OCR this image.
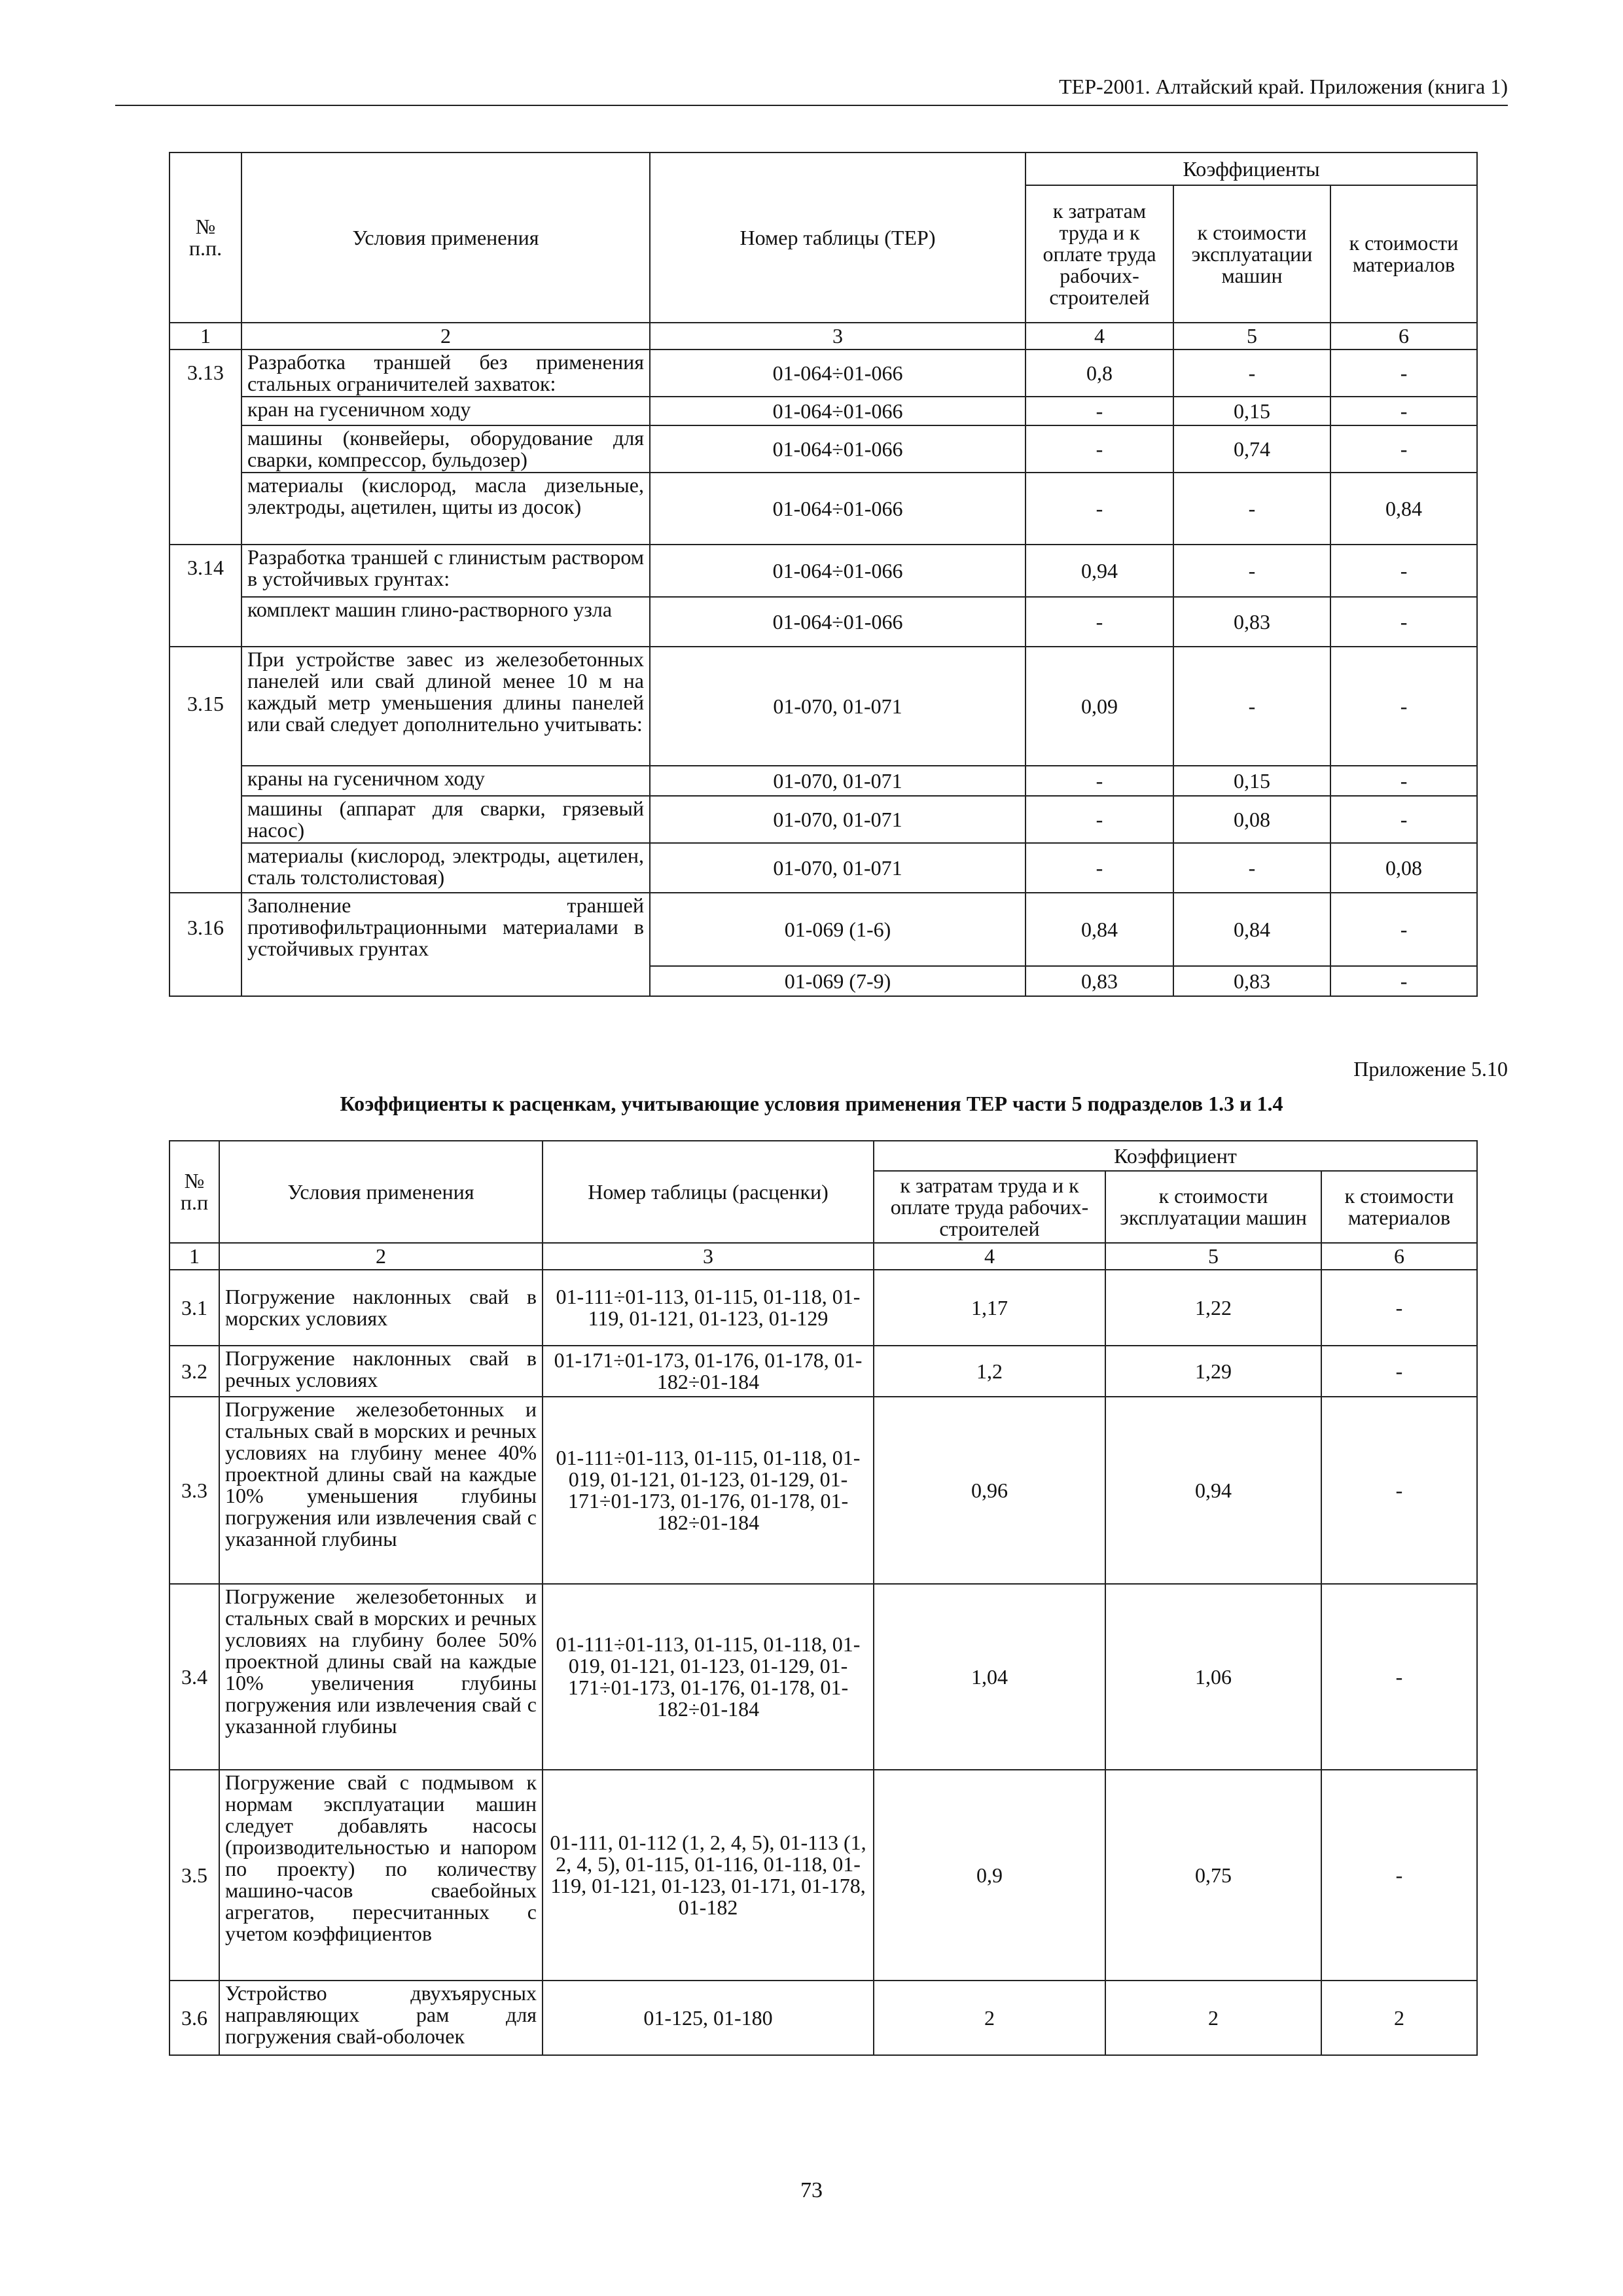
ТЕР-2001. Алтайский край. Приложения (книга 1)
№
п.п.	Условия применения	Номер таблицы (ТЕР)	Коэффициенты		
			к затратам труда и к оплате труда рабочих-строителей	к стоимости эксплуатации машин	к стоимости материалов
1	2	3	4	5	6
3.13	Разработка траншей без применения стальных ограничителей захваток:	01-064÷01-066	0,8	-	-
	кран на гусеничном ходу	01-064÷01-066	-	0,15	-
	машины (конвейеры, оборудование для сварки, компрессор, бульдозер)	01-064÷01-066	-	0,74	-
	материалы (кислород, масла дизельные, электроды, ацетилен, щиты из досок)	01-064÷01-066	-	-	0,84
3.14	Разработка траншей с глинистым раствором в устойчивых грунтах:	01-064÷01-066	0,94	-	-
	комплект машин глино-растворного узла	01-064÷01-066	-	0,83	-
3.15	При устройстве завес из железобетонных панелей или свай длиной менее 10 м на каждый метр уменьшения длины панелей или свай следует дополнительно учитывать:	01-070, 01-071	0,09	-	-
	краны на гусеничном ходу	01-070, 01-071	-	0,15	-
	машины (аппарат для сварки, грязевый насос)	01-070, 01-071	-	0,08	-
	материалы (кислород, электроды, ацетилен, сталь толстолистовая)	01-070, 01-071	-	-	0,08
3.16	Заполнение траншей противофильтрационными материалами в устойчивых грунтах	01-069 (1-6)	0,84	0,84	-
		01-069 (7-9)	0,83	0,83	-
Приложение 5.10
Коэффициенты к расценкам, учитывающие условия применения ТЕР части 5 подразделов 1.3 и 1.4
№
п.п	Условия применения	Номер таблицы (расценки)	Коэффициент		
			к затратам труда и к оплате труда рабочих-строителей	к стоимости эксплуатации машин	к стоимости материалов
1	2	3	4	5	6
3.1	Погружение наклонных свай в морских условиях	01-111÷01-113, 01-115, 01-118, 01-119, 01-121, 01-123, 01-129	1,17	1,22	-
3.2	Погружение наклонных свай в речных условиях	01-171÷01-173, 01-176, 01-178, 01-182÷01-184	1,2	1,29	-
3.3	Погружение железобетонных и стальных свай в морских и речных условиях на глубину менее 40% проектной длины свай на каждые 10% уменьшения глубины погружения или извлечения свай с указанной глубины	01-111÷01-113, 01-115, 01-118, 01-019, 01-121, 01-123, 01-129, 01-171÷01-173, 01-176, 01-178, 01-182÷01-184	0,96	0,94	-
3.4	Погружение железобетонных и стальных свай в морских и речных условиях на глубину более 50% проектной длины свай на каждые 10% увеличения глубины погружения или извлечения свай с указанной глубины	01-111÷01-113, 01-115, 01-118, 01-019, 01-121, 01-123, 01-129, 01-171÷01-173, 01-176, 01-178, 01-182÷01-184	1,04	1,06	-
3.5	Погружение свай с подмывом к нормам эксплуатации машин следует добавлять насосы (производительностью и напором по проекту) по количеству машино-часов сваебойных агрегатов, пересчитанных с учетом коэффициентов	01-111, 01-112 (1, 2, 4, 5), 01-113 (1, 2, 4, 5), 01-115, 01-116, 01-118, 01-119, 01-121, 01-123, 01-171, 01-178, 01-182	0,9	0,75	-
3.6	Устройство двухъярусных направляющих рам для погружения свай-оболочек	01-125, 01-180	2	2	2
73
